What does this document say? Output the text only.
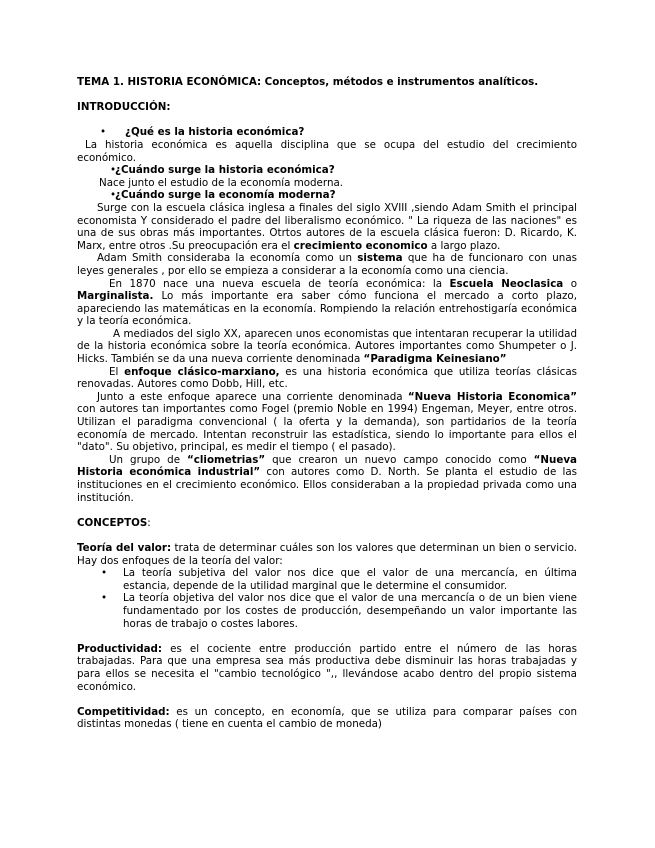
TEMA 1. HISTORIA ECONÓMICA: Conceptos, métodos e instrumentos analíticos.

INTRODUCCIÓN:

• ¿Qué es la historia económica?

La historia económica es aquella disciplina que se ocupa del estudio del crecimiento económico.

•
¿Cuándo surge la historia económica?

Nace junto el estudio de la economía moderna.

•
¿Cuándo surge la economía moderna?

Surge con la escuela clásica inglesa a finales del siglo XVIII ,siendo Adam Smith el principal economista Y considerado el padre del liberalismo económico. " La riqueza de las naciones" es una de sus obras más importantes. Otrtos autores de la escuela clásica fueron: D. Ricardo, K. Marx, entre otros .Su preocupación era el crecimiento economico a largo plazo.

Adam Smith consideraba la economía como un sistema que ha de funcionaro con unas leyes generales , por ello se empieza a considerar a la economía como una ciencia.

En 1870 nace una nueva escuela de teoría económica: la Escuela Neoclasica o Marginalista. Lo más importante era saber cómo funciona el mercado a corto plazo, apareciendo las matemáticas en la economía. Rompiendo la relación entrehostigaría económica y la teoría económica.

A mediados del siglo XX, aparecen unos economistas que intentaran recuperar la utilidad de la historia económica sobre la teoría económica. Autores importantes como Shumpeter o J. Hicks. También se da una nueva corriente denominada “Paradigma Keinesiano”

El enfoque clásico-marxiano, es una historia económica que utiliza teorías clásicas renovadas. Autores como Dobb, Hill, etc.

Junto a este enfoque aparece una corriente denominada “Nueva Historia Economica” con autores tan importantes como Fogel (premio Noble en 1994) Engeman, Meyer, entre otros. Utilizan el paradigma convencional ( la oferta y la demanda), son partidarios de la teoría economía de mercado. Intentan reconstruir las estadística, siendo lo importante para ellos el "dato". Su objetivo, principal, es medir el tiempo ( el pasado).

Un grupo de “cliometrias” que crearon un nuevo campo conocido como “Nueva Historia económica industrial” con autores como D. North. Se planta el estudio de las instituciones en el crecimiento económico. Ellos consideraban a la propiedad privada como una institución.

CONCEPTOS:

Teoría del valor: trata de determinar cuáles son los valores que determinan un bien o servicio. Hay dos enfoques de la teoría del valor:

• La teoría subjetiva del valor nos dice que el valor de una mercancía, en última estancia, depende de la utilidad marginal que le determine el consumidor.
• La teoría objetiva del valor nos dice que el valor de una mercancía o de un bien viene fundamentado por los costes de producción, desempeñando un valor importante las horas de trabajo o costes labores.

Productividad: es el cociente entre producción partido entre el número de las horas trabajadas. Para que una empresa sea más productiva debe disminuir las horas trabajadas y para ellos se necesita el "cambio tecnológico ",, llevándose acabo dentro del propio sistema económico.

Competitividad: es un concepto, en economía, que se utiliza para comparar países con distintas monedas ( tiene en cuenta el cambio de moneda)
